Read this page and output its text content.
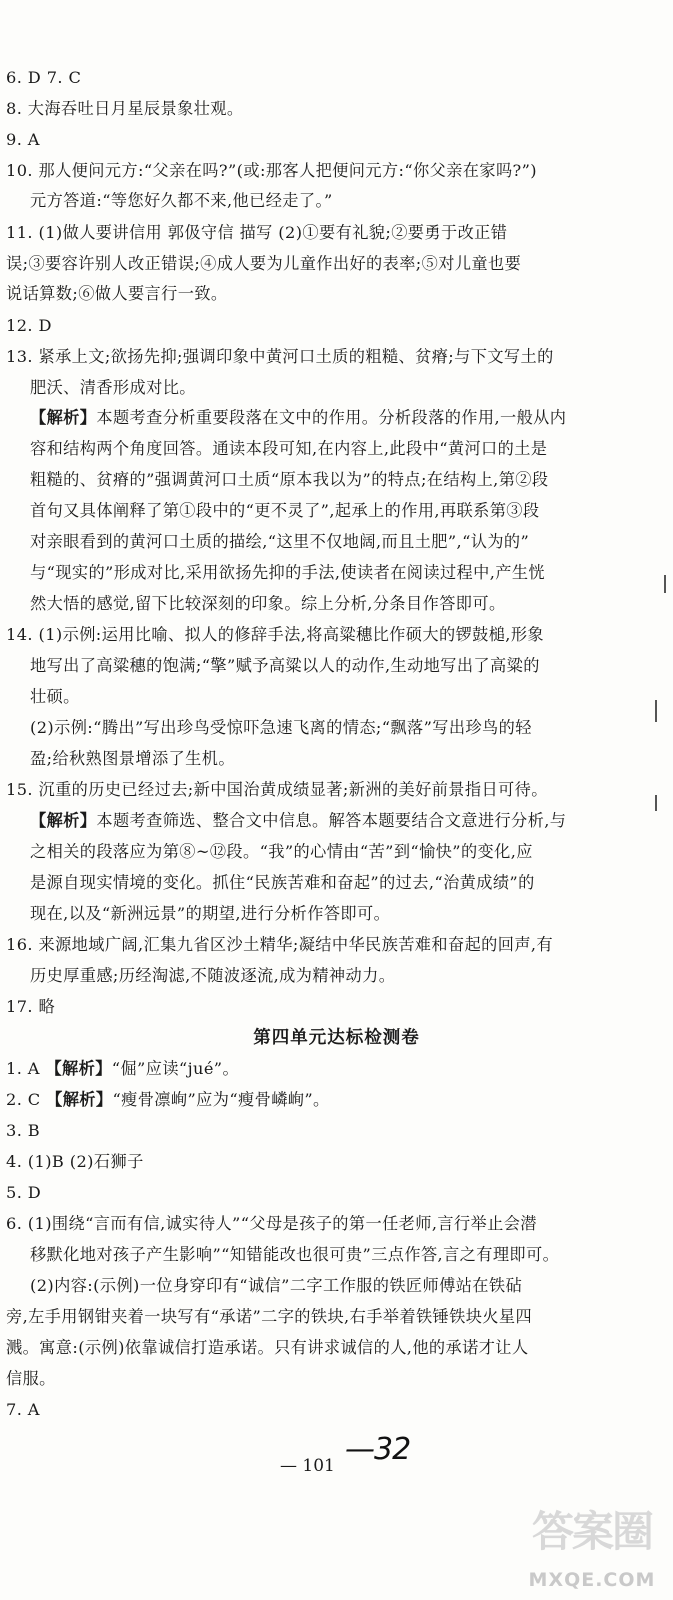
6. D 7. C
8. 大海吞吐日月星辰景象壮观。
9. A
10. 那人便问元方:“父亲在吗?”(或:那客人把便问元方:“你父亲在家吗?”)
元方答道:“等您好久都不来,他已经走了。”
11. (1)做人要讲信用 郭伋守信 描写 (2)①要有礼貌;②要勇于改正错
误;③要容许别人改正错误;④成人要为儿童作出好的表率;⑤对儿童也要
说话算数;⑥做人要言行一致。
12. D
13. 紧承上文;欲扬先抑;强调印象中黄河口土质的粗糙、贫瘠;与下文写土的
肥沃、清香形成对比。
【解析】本题考查分析重要段落在文中的作用。分析段落的作用,一般从内
容和结构两个角度回答。通读本段可知,在内容上,此段中“黄河口的土是
粗糙的、贫瘠的”强调黄河口土质“原本我以为”的特点;在结构上,第②段
首句又具体阐释了第①段中的“更不灵了”,起承上的作用,再联系第③段
对亲眼看到的黄河口土质的描绘,“这里不仅地阔,而且土肥”,“认为的”
与“现实的”形成对比,采用欲扬先抑的手法,使读者在阅读过程中,产生恍
然大悟的感觉,留下比较深刻的印象。综上分析,分条目作答即可。
14. (1)示例:运用比喻、拟人的修辞手法,将高粱穗比作硕大的锣鼓槌,形象
地写出了高粱穗的饱满;“擎”赋予高粱以人的动作,生动地写出了高粱的
壮硕。
(2)示例:“腾出”写出珍鸟受惊吓急速飞离的情态;“飘落”写出珍鸟的轻
盈;给秋熟图景增添了生机。
15. 沉重的历史已经过去;新中国治黄成绩显著;新洲的美好前景指日可待。
【解析】本题考查筛选、整合文中信息。解答本题要结合文意进行分析,与
之相关的段落应为第⑧~⑫段。“我”的心情由“苦”到“愉快”的变化,应
是源自现实情境的变化。抓住“民族苦难和奋起”的过去,“治黄成绩”的
现在,以及“新洲远景”的期望,进行分析作答即可。
16. 来源地域广阔,汇集九省区沙土精华;凝结中华民族苦难和奋起的回声,有
历史厚重感;历经淘滤,不随波逐流,成为精神动力。
17. 略
第四单元达标检测卷
1. A 【解析】“倔”应读“jué”。
2. C 【解析】“瘦骨凛峋”应为“瘦骨嶙峋”。
3. B
4. (1)B (2)石狮子
5. D
6. (1)围绕“言而有信,诚实待人”“父母是孩子的第一任老师,言行举止会潜
移默化地对孩子产生影响”“知错能改也很可贵”三点作答,言之有理即可。
(2)内容:(示例)一位身穿印有“诚信”二字工作服的铁匠师傅站在铁砧
旁,左手用钢钳夹着一块写有“承诺”二字的铁块,右手举着铁锤铁块火星四
溅。寓意:(示例)依靠诚信打造承诺。只有讲求诚信的人,他的承诺才让人
信服。
7. A
— 101 —32
答案圈
MXQE.COM
